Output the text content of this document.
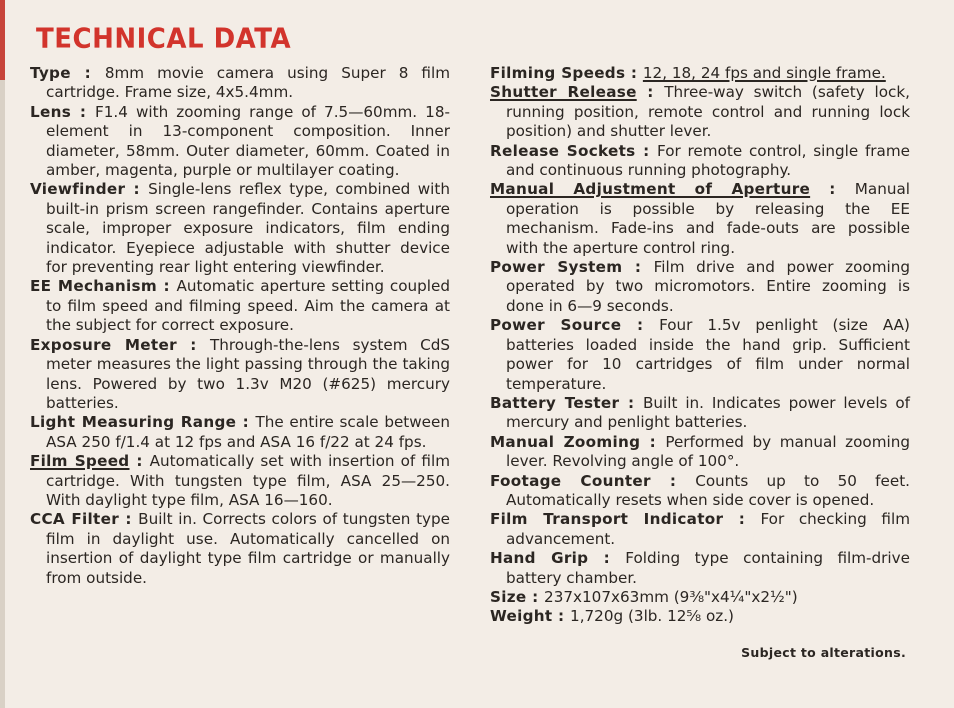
TECHNICAL DATA

Type : 8mm movie camera using Super 8 film cartridge. Frame size, 4x5.4mm.

Lens : F1.4 with zooming range of 7.5—60mm. 18-element in 13-component composition. Inner diameter, 58mm. Outer diameter, 60mm. Coated in amber, magenta, purple or multilayer coating.

Viewfinder : Single-lens reflex type, combined with built-in prism screen rangefinder. Contains aperture scale, improper exposure indicators, film ending indicator. Eyepiece adjustable with shutter device for preventing rear light entering viewfinder.

EE Mechanism : Automatic aperture setting coupled to film speed and filming speed. Aim the camera at the subject for correct exposure.

Exposure Meter : Through-the-lens system CdS meter measures the light passing through the taking lens. Powered by two 1.3v M20 (#625) mercury batteries.

Light Measuring Range : The entire scale between ASA 250 f/1.4 at 12 fps and ASA 16 f/22 at 24 fps.

Film Speed : Automatically set with insertion of film cartridge. With tungsten type film, ASA 25—250. With daylight type film, ASA 16—160.

CCA Filter : Built in. Corrects colors of tungsten type film in daylight use. Automatically cancelled on insertion of daylight type film cartridge or manually from outside.

Filming Speeds : 12, 18, 24 fps and single frame.

Shutter Release : Three-way switch (safety lock, running position, remote control and running lock position) and shutter lever.

Release Sockets : For remote control, single frame and continuous running photography.

Manual Adjustment of Aperture : Manual operation is possible by releasing the EE mechanism. Fade-ins and fade-outs are possible with the aperture control ring.

Power System : Film drive and power zooming operated by two micromotors. Entire zooming is done in 6—9 seconds.

Power Source : Four 1.5v penlight (size AA) batteries loaded inside the hand grip. Sufficient power for 10 cartridges of film under normal temperature.

Battery Tester : Built in. Indicates power levels of mercury and penlight batteries.

Manual Zooming : Performed by manual zooming lever. Revolving angle of 100°.

Footage Counter : Counts up to 50 feet. Automatically resets when side cover is opened.

Film Transport Indicator : For checking film advancement.

Hand Grip : Folding type containing film-drive battery chamber.

Size : 237x107x63mm (9⅜"x4¼"x2½")

Weight : 1,720g (3lb. 12⅝ oz.)

Subject to alterations.
